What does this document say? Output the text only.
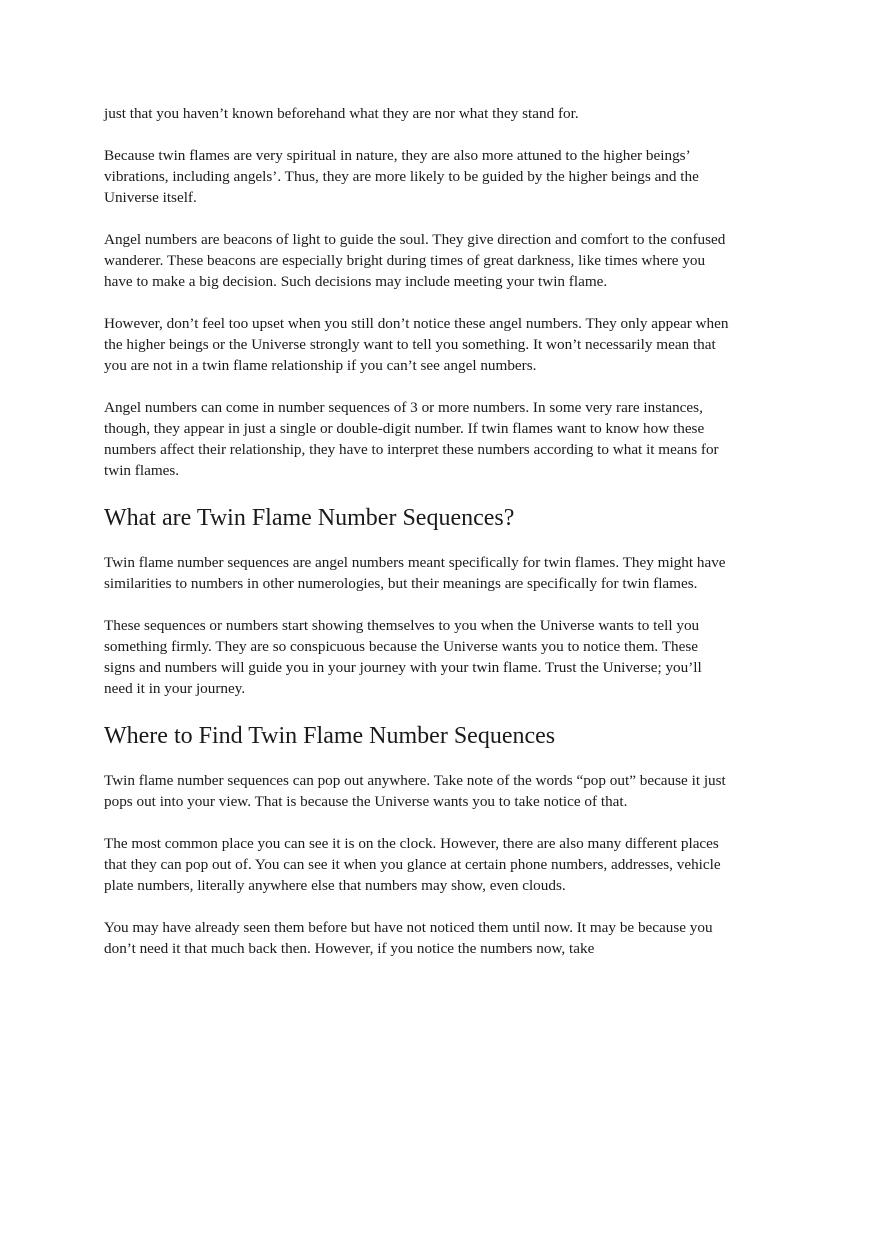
just that you haven’t known beforehand what they are nor what they stand for.

Because twin flames are very spiritual in nature, they are also more attuned to the higher beings’ vibrations, including angels’. Thus, they are more likely to be guided by the higher beings and the Universe itself.

Angel numbers are beacons of light to guide the soul. They give direction and comfort to the confused wanderer. These beacons are especially bright during times of great darkness, like times where you have to make a big decision. Such decisions may include meeting your twin flame.

However, don’t feel too upset when you still don’t notice these angel numbers. They only appear when the higher beings or the Universe strongly want to tell you something. It won’t necessarily mean that you are not in a twin flame relationship if you can’t see angel numbers.

Angel numbers can come in number sequences of 3 or more numbers. In some very rare instances, though, they appear in just a single or double-digit number. If twin flames want to know how these numbers affect their relationship, they have to interpret these numbers according to what it means for twin flames.

What are Twin Flame Number Sequences?

Twin flame number sequences are angel numbers meant specifically for twin flames. They might have similarities to numbers in other numerologies, but their meanings are specifically for twin flames.

These sequences or numbers start showing themselves to you when the Universe wants to tell you something firmly. They are so conspicuous because the Universe wants you to notice them. These signs and numbers will guide you in your journey with your twin flame. Trust the Universe; you’ll need it in your journey.

Where to Find Twin Flame Number Sequences

Twin flame number sequences can pop out anywhere. Take note of the words “pop out” because it just pops out into your view. That is because the Universe wants you to take notice of that.

The most common place you can see it is on the clock. However, there are also many different places that they can pop out of. You can see it when you glance at certain phone numbers, addresses, vehicle plate numbers, literally anywhere else that numbers may show, even clouds.

You may have already seen them before but have not noticed them until now. It may be because you don’t need it that much back then. However, if you notice the numbers now, take
